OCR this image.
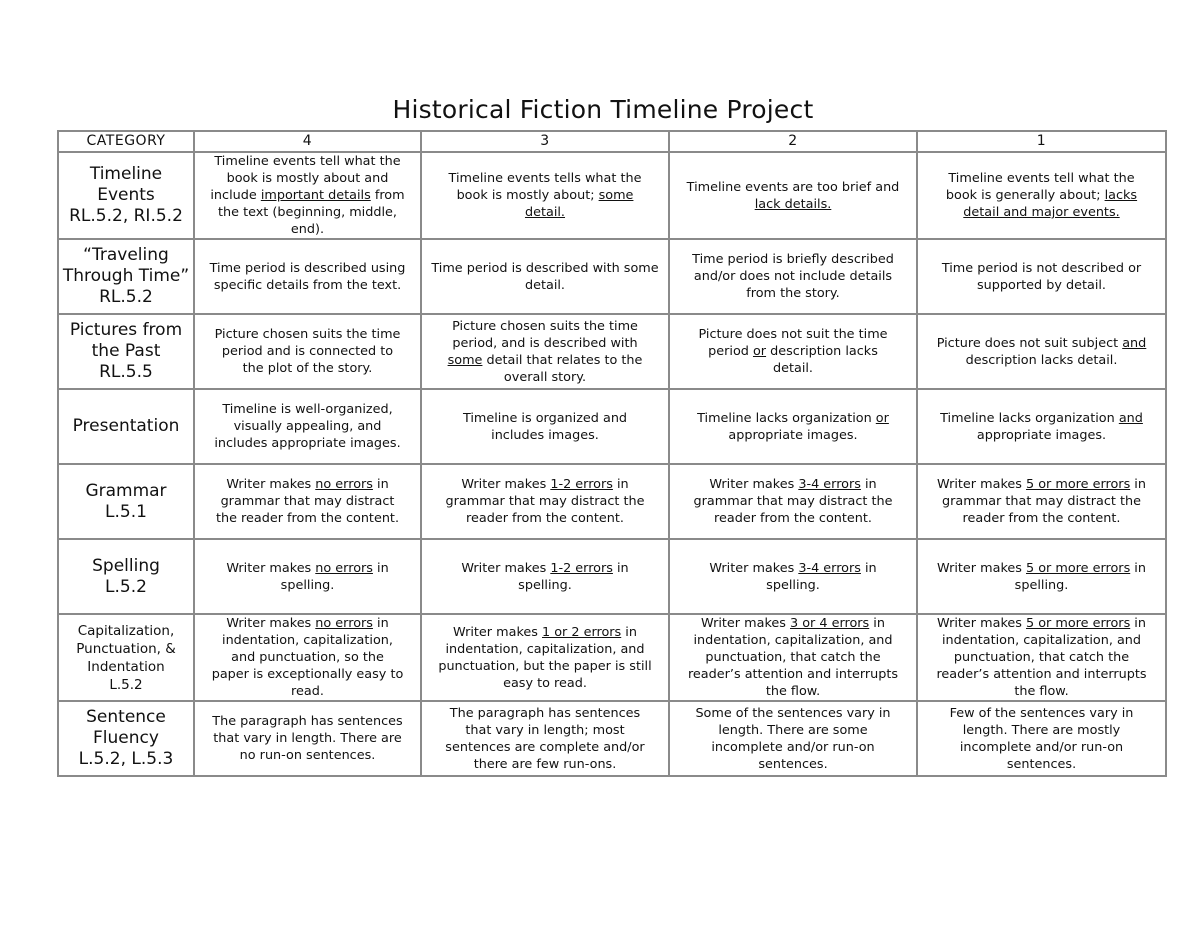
Historical Fiction Timeline Project
CATEGORY	4	3	2	1

Timeline
Events
RL.5.2, RI.5.2	Timeline events tell what the
book is mostly about and
include important details from
the text (beginning, middle,
end).	Timeline events tells what the
book is mostly about; some
detail.	Timeline events are too brief and
lack details.	Timeline events tell what the
book is generally about; lacks
detail and major events.

“Traveling
Through Time”
RL.5.2	Time period is described using
specific details from the text.	Time period is described with some
detail.	Time period is briefly described
and/or does not include details
from the story.	Time period is not described or
supported by detail.

Pictures from
the Past
RL.5.5	Picture chosen suits the time
period and is connected to
the plot of the story.	Picture chosen suits the time
period, and is described with
some detail that relates to the
overall story.	Picture does not suit the time
period or description lacks
detail.	Picture does not suit subject and
description lacks detail.

Presentation	Timeline is well-organized,
visually appealing, and
includes appropriate images.	Timeline is organized and
includes images.	Timeline lacks organization or
appropriate images.	Timeline lacks organization and
appropriate images.

Grammar
L.5.1	Writer makes no errors in
grammar that may distract
the reader from the content.	Writer makes 1-2 errors in
grammar that may distract the
reader from the content.	Writer makes 3-4 errors in
grammar that may distract the
reader from the content.	Writer makes 5 or more errors in
grammar that may distract the
reader from the content.

Spelling
L.5.2	Writer makes no errors in
spelling.	Writer makes 1-2 errors in
spelling.	Writer makes 3-4 errors in
spelling.	Writer makes 5 or more errors in
spelling.

Capitalization,
Punctuation, &
Indentation
L.5.2	Writer makes no errors in
indentation, capitalization,
and punctuation, so the
paper is exceptionally easy to
read.	Writer makes 1 or 2 errors in
indentation, capitalization, and
punctuation, but the paper is still
easy to read.	Writer makes 3 or 4 errors in
indentation, capitalization, and
punctuation, that catch the
reader’s attention and interrupts
the flow.	Writer makes 5 or more errors in
indentation, capitalization, and
punctuation, that catch the
reader’s attention and interrupts
the flow.

Sentence
Fluency
L.5.2, L.5.3	The paragraph has sentences
that vary in length. There are
no run-on sentences.	The paragraph has sentences
that vary in length; most
sentences are complete and/or
there are few run-ons.	Some of the sentences vary in
length. There are some
incomplete and/or run-on
sentences.	Few of the sentences vary in
length. There are mostly
incomplete and/or run-on
sentences.
